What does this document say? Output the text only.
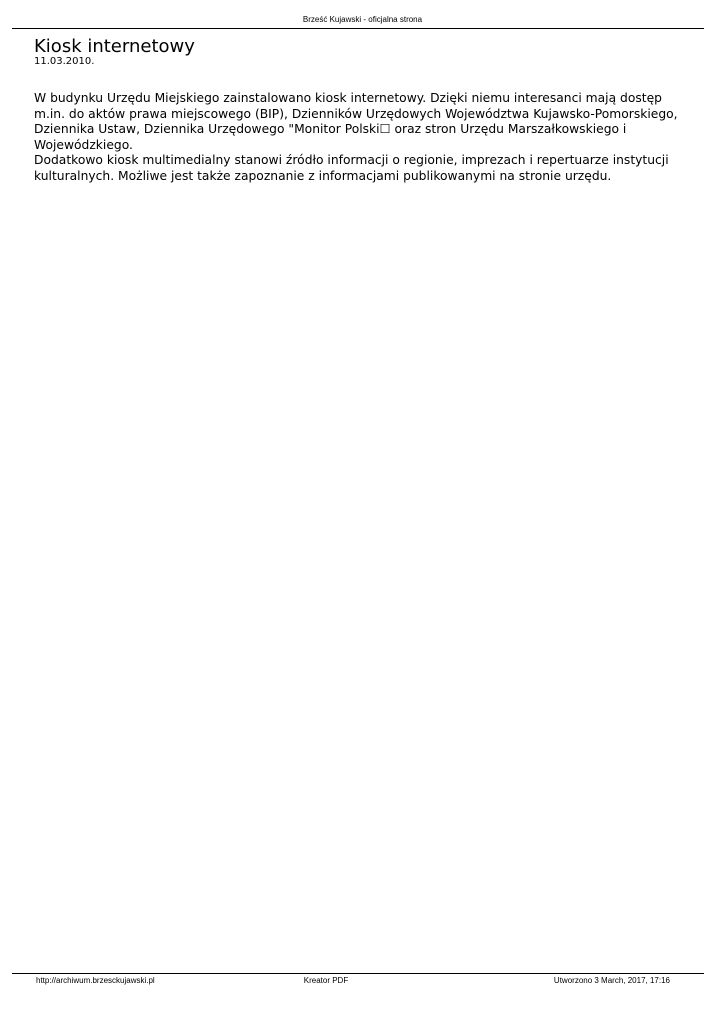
Brześć Kujawski - oficjalna strona
Kiosk internetowy
11.03.2010.

W budynku Urzędu Miejskiego zainstalowano kiosk internetowy. Dzięki niemu interesanci mają dostęp m.in. do aktów prawa miejscowego (BIP), Dzienników Urzędowych Województwa Kujawsko-Pomorskiego, Dziennika Ustaw, Dziennika Urzędowego "Monitor Polski☐ oraz stron Urzędu Marszałkowskiego i Wojewódzkiego.

Dodatkowo kiosk multimedialny stanowi źródło informacji o regionie, imprezach i repertuarze instytucji kulturalnych. Możliwe jest także zapoznanie z informacjami publikowanymi na stronie urzędu.

http://archiwum.brzesckujawski.pl	Kreator PDF	Utworzono 3 March, 2017, 17:16
